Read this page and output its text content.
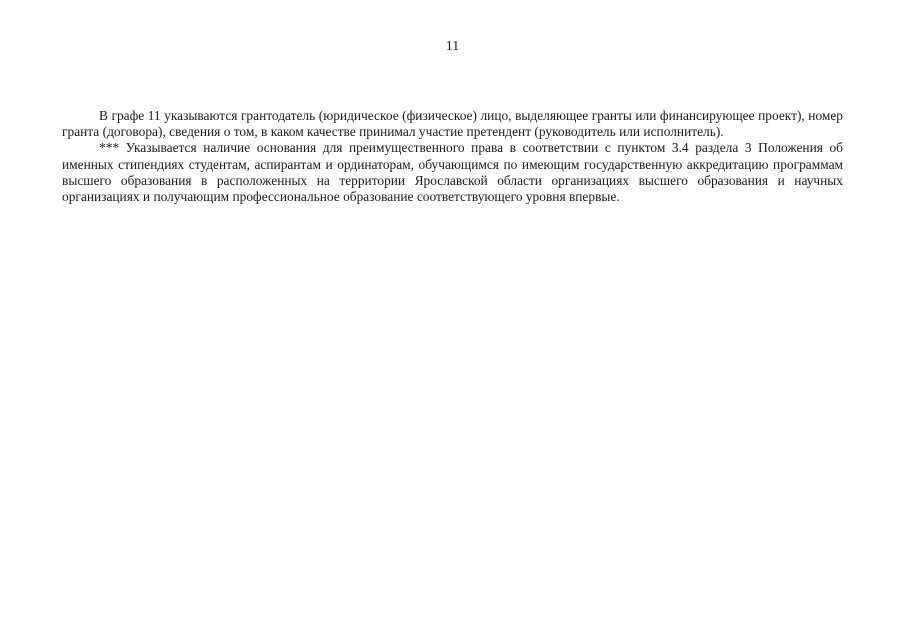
11

В графе 11 указываются грантодатель (юридическое (физическое) лицо, выделяющее гранты или финансирующее проект), номер гранта (договора), сведения о том, в каком качестве принимал участие претендент (руководитель или исполнитель).

*** Указывается наличие основания для преимущественного права в соответствии с пунктом 3.4 раздела 3 Положения об именных стипендиях студентам, аспирантам и ординаторам, обучающимся по имеющим государственную аккредитацию программам высшего образования в расположенных на территории Ярославской области организациях высшего образования и научных организациях и получающим профессиональное образование соответствующего уровня впервые.
